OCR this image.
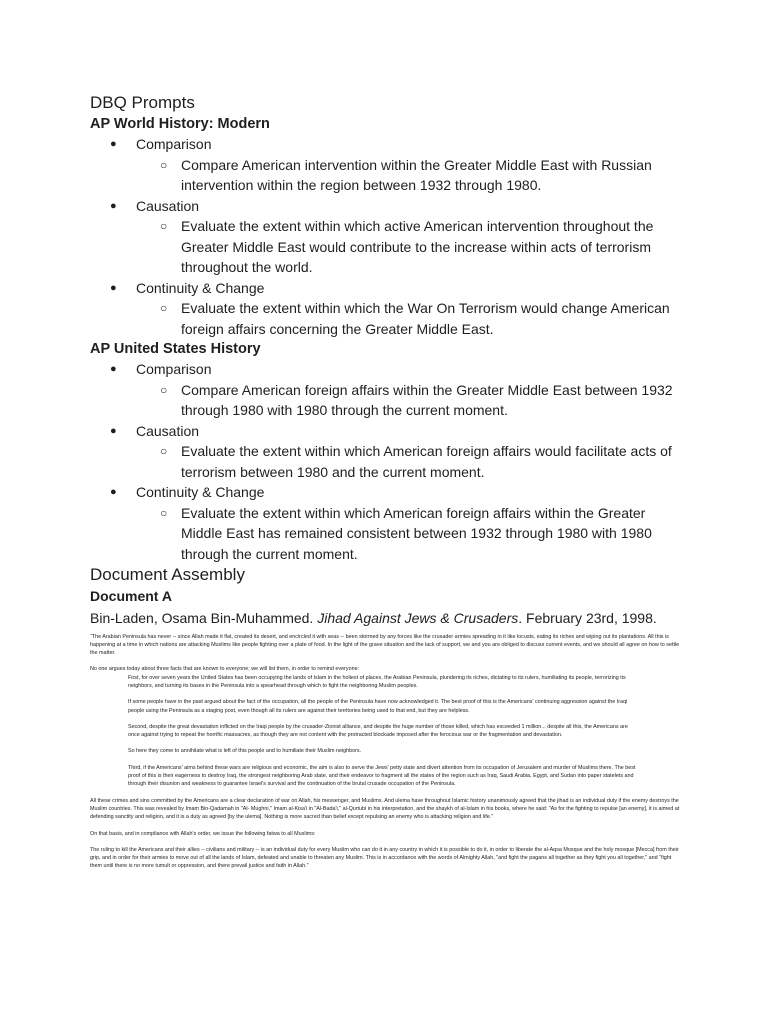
DBQ Prompts
AP World History: Modern
● Comparison
○ Compare American intervention within the Greater Middle East with Russian intervention within the region between 1932 through 1980.
● Causation
○ Evaluate the extent within which active American intervention throughout the Greater Middle East would contribute to the increase within acts of terrorism throughout the world.
● Continuity & Change
○ Evaluate the extent within which the War On Terrorism would change American foreign affairs concerning the Greater Middle East.
AP United States History
● Comparison
○ Compare American foreign affairs within the Greater Middle East between 1932 through 1980 with 1980 through the current moment.
● Causation
○ Evaluate the extent within which American foreign affairs would facilitate acts of terrorism between 1980 and the current moment.
● Continuity & Change
○ Evaluate the extent within which American foreign affairs within the Greater Middle East has remained consistent between 1932 through 1980 with 1980 through the current moment.
Document Assembly
Document A
Bin-Laden, Osama Bin-Muhammed. Jihad Against Jews & Crusaders. February 23rd, 1998.

“The Arabian Peninsula has never -- since Allah made it flat, created its desert, and encircled it with seas -- been stormed by any forces like the crusader armies spreading in it like locusts, eating its riches and wiping out its plantations. All this is happening at a time in which nations are attacking Muslims like people fighting over a plate of food. In the light of the grave situation and the lack of support, we and you are obliged to discuss current events, and we should all agree on how to settle the matter.

No one argues today about three facts that are known to everyone; we will list them, in order to remind everyone:

First, for over seven years the United States has been occupying the lands of Islam in the holiest of places, the Arabian Peninsula, plundering its riches, dictating to its rulers, humiliating its people, terrorizing its neighbors, and turning its bases in the Peninsula into a spearhead through which to fight the neighboring Muslim peoples.

If some people have in the past argued about the fact of the occupation, all the people of the Peninsula have now acknowledged it. The best proof of this is the Americans' continuing aggression against the Iraqi people using the Peninsula as a staging post, even though all its rulers are against their territories being used to that end, but they are helpless.

Second, despite the great devastation inflicted on the Iraqi people by the crusader-Zionist alliance, and despite the huge number of those killed, which has exceeded 1 million... despite all this, the Americans are once against trying to repeat the horrific massacres, as though they are not content with the protracted blockade imposed after the ferocious war or the fragmentation and devastation.

So here they come to annihilate what is left of this people and to humiliate their Muslim neighbors.

Third, if the Americans' aims behind these wars are religious and economic, the aim is also to serve the Jews' petty state and divert attention from its occupation of Jerusalem and murder of Muslims there. The best proof of this is their eagerness to destroy Iraq, the strongest neighboring Arab state, and their endeavor to fragment all the states of the region such as Iraq, Saudi Arabia, Egypt, and Sudan into paper statelets and through their disunion and weakness to guarantee Israel's survival and the continuation of the brutal crusade occupation of the Peninsula.

All these crimes and sins committed by the Americans are a clear declaration of war on Allah, his messenger, and Muslims. And ulema have throughout Islamic history unanimously agreed that the jihad is an individual duty if the enemy destroys the Muslim countries. This was revealed by Imam Bin-Qadamah in "Al- Mughni," Imam al-Kisa'i in "Al-Bada'i," al-Qurtubi in his interpretation, and the shaykh of al-Islam in his books, where he said: "As for the fighting to repulse [an enemy], it is aimed at defending sanctity and religion, and it is a duty as agreed [by the ulema]. Nothing is more sacred than belief except repulsing an enemy who is attacking religion and life."

On that basis, and in compliance with Allah's order, we issue the following fatwa to all Muslims:

The ruling to kill the Americans and their allies -- civilians and military -- is an individual duty for every Muslim who can do it in any country in which it is possible to do it, in order to liberate the al-Aqsa Mosque and the holy mosque [Mecca] from their grip, and in order for their armies to move out of all the lands of Islam, defeated and unable to threaten any Muslim. This is in accordance with the words of Almighty Allah, "and fight the pagans all together as they fight you all together," and "fight them until there is no more tumult or oppression, and there prevail justice and faith in Allah."
